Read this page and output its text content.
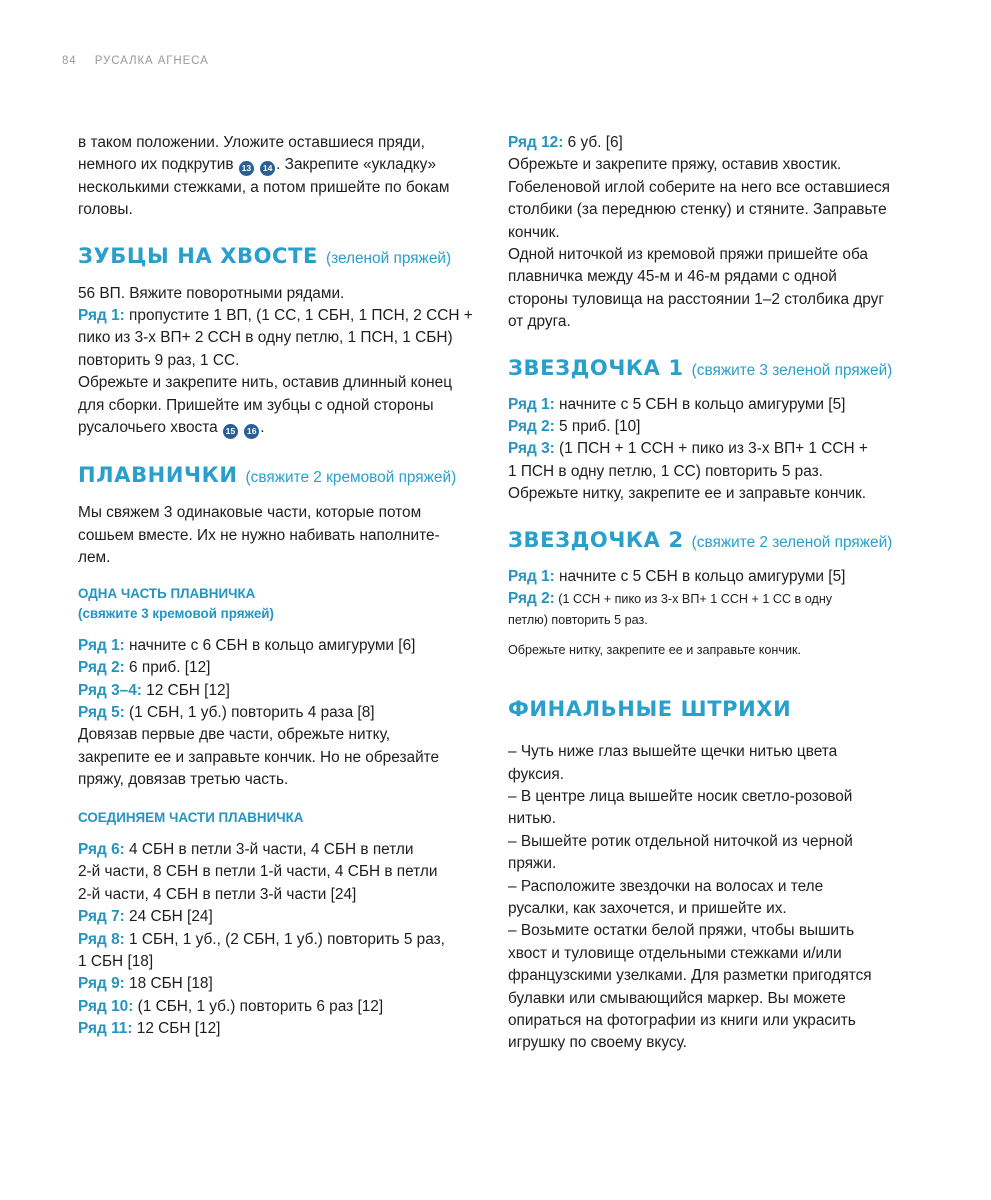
84 РУСАЛКА АГНЕСА

в таком положении. Уложите оставшиеся пряди,

немного их подкрутив 13 14 . Закрепите «укладку»

несколькими стежками, а потом пришейте по бокам

головы.

ЗУБЦЫ НА ХВОСТЕ (зеленой пряжей)

56 ВП. Вяжите поворотными рядами.

Ряд 1: пропустите 1 ВП, (1 СС, 1 СБН, 1 ПСН, 2 ССН +

пико из 3-х ВП+ 2 ССН в одну петлю, 1 ПСН, 1 СБН)

повторить 9 раз, 1 СС.

Обрежьте и закрепите нить, оставив длинный конец

для сборки. Пришейте им зубцы с одной стороны

русалочьего хвоста 15 16 .

ПЛАВНИЧКИ (свяжите 2 кремовой пряжей)

Мы свяжем 3 одинаковые части, которые потом

сошьем вместе. Их не нужно набивать наполните-

лем.

ОДНА ЧАСТЬ ПЛАВНИЧКА

(свяжите 3 кремовой пряжей)

Ряд 1: начните с 6 СБН в кольцо амигуруми [6]

Ряд 2: 6 приб. [12]

Ряд 3–4: 12 СБН [12]

Ряд 5: (1 СБН, 1 уб.) повторить 4 раза [8]

Довязав первые две части, обрежьте нитку,

закрепите ее и заправьте кончик. Но не обрезайте

пряжу, довязав третью часть.

СОЕДИНЯЕМ ЧАСТИ ПЛАВНИЧКА

Ряд 6: 4 СБН в петли 3-й части, 4 СБН в петли

2-й части, 8 СБН в петли 1-й части, 4 СБН в петли

2-й части, 4 СБН в петли 3-й части [24]

Ряд 7: 24 СБН [24]

Ряд 8: 1 СБН, 1 уб., (2 СБН, 1 уб.) повторить 5 раз,

1 СБН [18]

Ряд 9: 18 СБН [18]

Ряд 10: (1 СБН, 1 уб.) повторить 6 раз [12]

Ряд 11: 12 СБН [12]

Ряд 12: 6 уб. [6]

Обрежьте и закрепите пряжу, оставив хвостик.

Гобеленовой иглой соберите на него все оставшиеся

столбики (за переднюю стенку) и стяните. Заправьте

кончик.

Одной ниточкой из кремовой пряжи пришейте оба

плавничка между 45-м и 46-м рядами с одной

стороны туловища на расстоянии 1–2 столбика друг

от друга.

ЗВЕЗДОЧКА 1 (свяжите 3 зеленой пряжей)

Ряд 1: начните с 5 СБН в кольцо амигуруми [5]

Ряд 2: 5 приб. [10]

Ряд 3: (1 ПСН + 1 ССН + пико из 3-х ВП+ 1 ССН +

1 ПСН в одну петлю, 1 СС) повторить 5 раз.

Обрежьте нитку, закрепите ее и заправьте кончик.

ЗВЕЗДОЧКА 2 (свяжите 2 зеленой пряжей)

Ряд 1: начните с 5 СБН в кольцо амигуруми [5]

Ряд 2: (1 ССН + пико из 3-х ВП+ 1 ССН + 1 СС в одну

петлю) повторить 5 раз.

Обрежьте нитку, закрепите ее и заправьте кончик.

ФИНАЛЬНЫЕ ШТРИХИ

– Чуть ниже глаз вышейте щечки нитью цвета

фуксия.

– В центре лица вышейте носик светло-розовой

нитью.

– Вышейте ротик отдельной ниточкой из черной

пряжи.

– Расположите звездочки на волосах и теле

русалки, как захочется, и пришейте их.

– Возьмите остатки белой пряжи, чтобы вышить

хвост и туловище отдельными стежками и/или

французскими узелками. Для разметки пригодятся

булавки или смывающийся маркер. Вы можете

опираться на фотографии из книги или украсить

игрушку по своему вкусу.
